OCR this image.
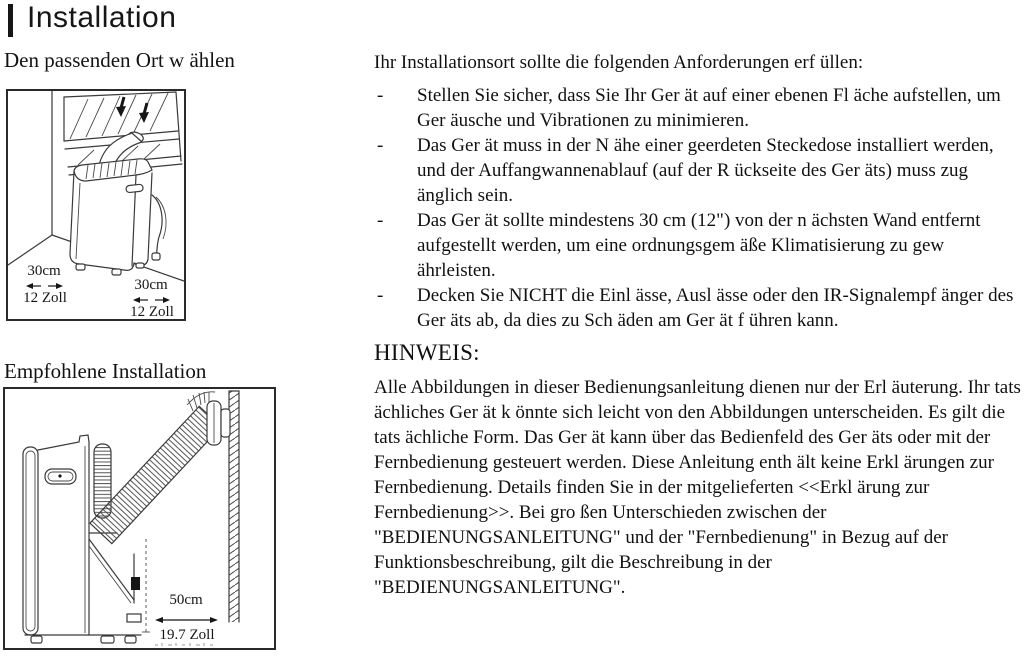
Installation
Den passenden Ort w ählen
Empfohlene Installation
30cm
12 Zoll
30cm
12 Zoll
50cm
19.7 Zoll

Ihr Installationsort sollte die folgenden Anforderungen erf üllen:

-	Stellen Sie sicher, dass Sie Ihr Ger ät auf einer ebenen Fl äche aufstellen, um Ger äusche und Vibrationen zu minimieren.
-	Das Ger ät muss in der N ähe einer geerdeten Steckedose installiert werden, und der Auffangwannenablauf (auf der R ückseite des Ger äts) muss zug änglich sein.
-	Das Ger ät sollte mindestens 30 cm (12") von der n ächsten Wand entfernt aufgestellt werden, um eine ordnungsgem äße Klimatisierung zu gew ährleisten.
-	Decken Sie NICHT die Einl ässe, Ausl ässe oder den IR-Signalempf änger des Ger äts ab, da dies zu Sch äden am Ger ät f ühren kann.
HINWEIS:

Alle Abbildungen in dieser Bedienungsanleitung dienen nur der Erl äuterung. Ihr tats ächliches Ger ät k önnte sich leicht von den Abbildungen unterscheiden. Es gilt die tats ächliche Form. Das Ger ät kann über das Bedienfeld des Ger äts oder mit der Fernbedienung gesteuert werden. Diese Anleitung enth ält keine Erkl ärungen zur Fernbedienung. Details finden Sie in der mitgelieferten <<Erkl ärung zur Fernbedienung>>. Bei gro ßen Unterschieden zwischen der "BEDIENUNGSANLEITUNG" und der "Fernbedienung" in Bezug auf der Funktionsbeschreibung, gilt die Beschreibung in der "BEDIENUNGSANLEITUNG".
